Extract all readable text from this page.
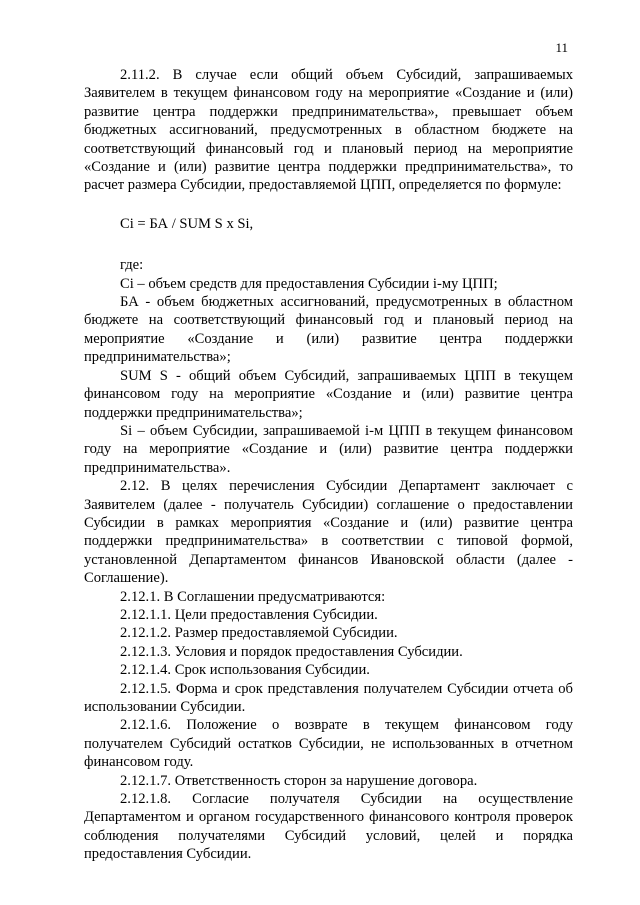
11

2.11.2. В случае если общий объем Субсидий, запрашиваемых Заявителем в текущем финансовом году на мероприятие «Создание и (или) развитие центра поддержки предпринимательства», превышает объем бюджетных ассигнований, предусмотренных в областном бюджете на соответствующий финансовый год и плановый период на мероприятие «Создание и (или) развитие центра поддержки предпринимательства», то расчет размера Субсидии, предоставляемой ЦПП, определяется по формуле:

Ci = БА / SUM S x Si,

где:

Ci – объем средств для предоставления Субсидии i-му ЦПП;

БА - объем бюджетных ассигнований, предусмотренных в областном бюджете на соответствующий финансовый год и плановый период на мероприятие «Создание и (или) развитие центра поддержки предпринимательства»;

SUM S - общий объем Субсидий, запрашиваемых ЦПП в текущем финансовом году на мероприятие «Создание и (или) развитие центра поддержки предпринимательства»;

Si – объем Субсидии, запрашиваемой i-м ЦПП в текущем финансовом году на мероприятие «Создание и (или) развитие центра поддержки предпринимательства».

2.12. В целях перечисления Субсидии Департамент заключает с Заявителем (далее - получатель Субсидии) соглашение о предоставлении Субсидии в рамках мероприятия «Создание и (или) развитие центра поддержки предпринимательства» в соответствии с типовой формой, установленной Департаментом финансов Ивановской области (далее - Соглашение).

2.12.1. В Соглашении предусматриваются:

2.12.1.1. Цели предоставления Субсидии.

2.12.1.2. Размер предоставляемой Субсидии.

2.12.1.3. Условия и порядок предоставления Субсидии.

2.12.1.4. Срок использования Субсидии.

2.12.1.5. Форма и срок представления получателем Субсидии отчета об использовании Субсидии.

2.12.1.6. Положение о возврате в текущем финансовом году получателем Субсидий остатков Субсидии, не использованных в отчетном финансовом году.

2.12.1.7. Ответственность сторон за нарушение договора.

2.12.1.8. Согласие получателя Субсидии на осуществление Департаментом и органом государственного финансового контроля проверок соблюдения получателями Субсидий условий, целей и порядка предоставления Субсидии.
